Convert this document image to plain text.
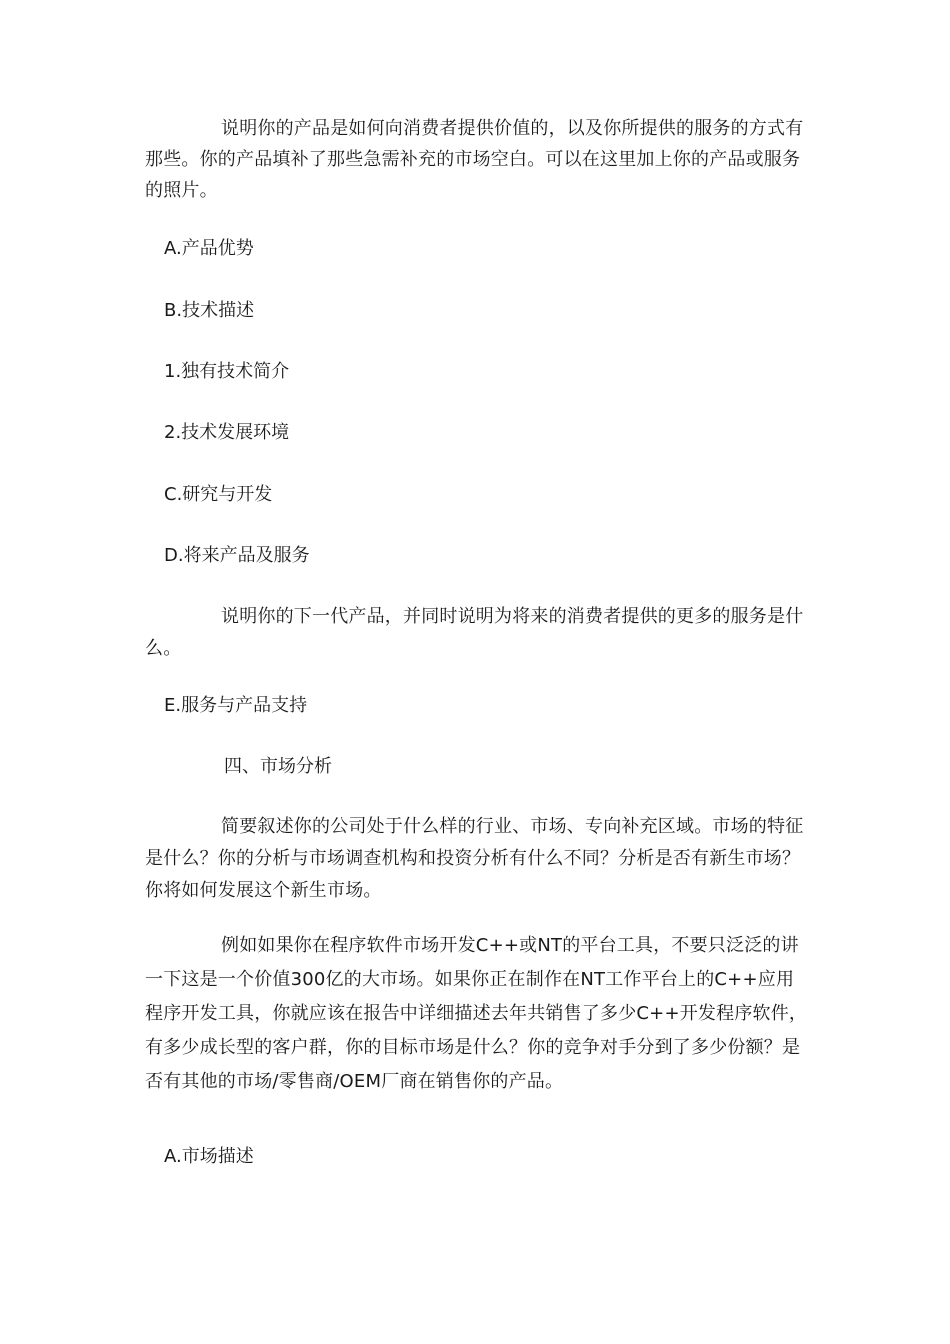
说明你的产品是如何向消费者提供价值的，以及你所提供的服务的方式有那些。你的产品填补了那些急需补充的市场空白。可以在这里加上你的产品或服务的照片。

A.产品优势

B.技术描述

1.独有技术简介

2.技术发展环境

C.研究与开发

D.将来产品及服务

说明你的下一代产品，并同时说明为将来的消费者提供的更多的服务是什么。

E.服务与产品支持

四、市场分析

简要叙述你的公司处于什么样的行业、市场、专向补充区域。市场的特征是什么？你的分析与市场调查机构和投资分析有什么不同？分析是否有新生市场？你将如何发展这个新生市场。

例如如果你在程序软件市场开发C++或NT的平台工具，不要只泛泛的讲一下这是一个价值300亿的大市场。如果你正在制作在NT工作平台上的C++应用程序开发工具，你就应该在报告中详细描述去年共销售了多少C++开发程序软件，有多少成长型的客户群，你的目标市场是什么？你的竞争对手分到了多少份额？是否有其他的市场/零售商/OEM厂商在销售你的产品。

A.市场描述
